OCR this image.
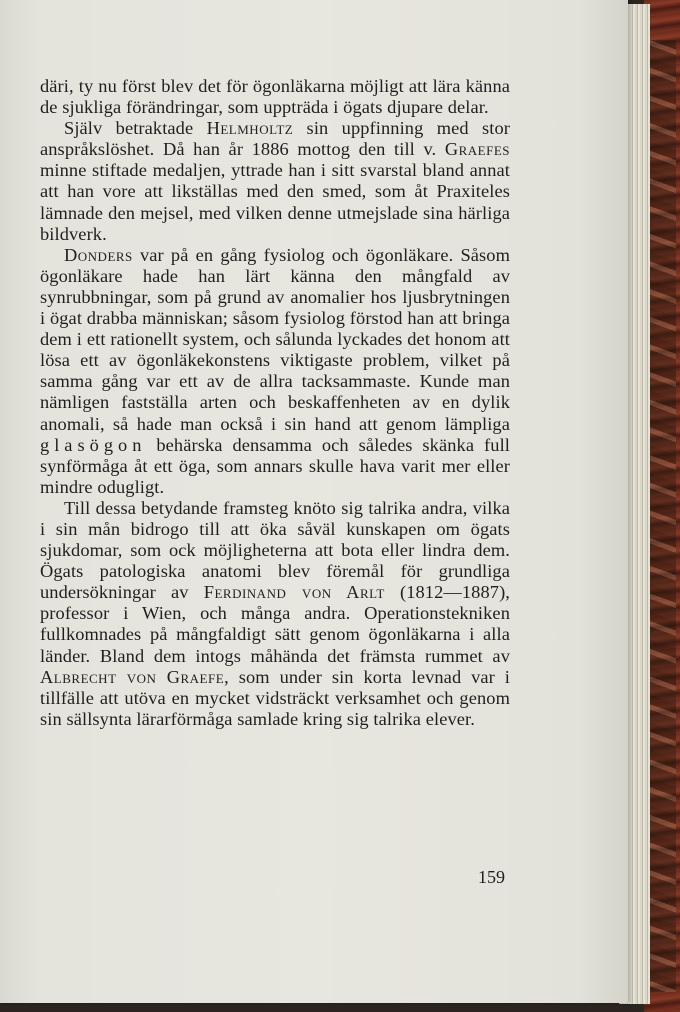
däri, ty nu först blev det för ögonläkarna möjligt att lära känna de sjukliga förändringar, som uppträda i ögats djupare delar.

Själv betraktade Helmholtz sin uppfinning med stor anspråkslöshet. Då han år 1886 mottog den till v. Graefes minne stiftade medaljen, yttrade han i sitt svarstal bland annat att han vore att likställas med den smed, som åt Praxiteles lämnade den mejsel, med vilken denne utmejslade sina härliga bildverk.

Donders var på en gång fysiolog och ögonläkare. Såsom ögonläkare hade han lärt känna den mångfald av synrubbningar, som på grund av anomalier hos ljusbrytningen i ögat drabba människan; såsom fysiolog förstod han att bringa dem i ett rationellt system, och sålunda lyckades det honom att lösa ett av ögonläkekonstens viktigaste problem, vilket på samma gång var ett av de allra tacksammaste. Kunde man nämligen fastställa arten och beskaffenheten av en dylik anomali, så hade man också i sin hand att genom lämpliga glasögon behärska densamma och således skänka full synförmåga åt ett öga, som annars skulle hava varit mer eller mindre odugligt.

Till dessa betydande framsteg knöto sig talrika andra, vilka i sin mån bidrogo till att öka såväl kunskapen om ögats sjukdomar, som ock möjligheterna att bota eller lindra dem. Ögats patologiska anatomi blev föremål för grundliga undersökningar av Ferdinand von Arlt (1812—1887), professor i Wien, och många andra. Operationstekniken fullkomnades på mångfaldigt sätt genom ögonläkarna i alla länder. Bland dem intogs måhända det främsta rummet av Albrecht von Graefe, som under sin korta levnad var i tillfälle att utöva en mycket vidsträckt verksamhet och genom sin sällsynta lärarförmåga samlade kring sig talrika elever.

159
